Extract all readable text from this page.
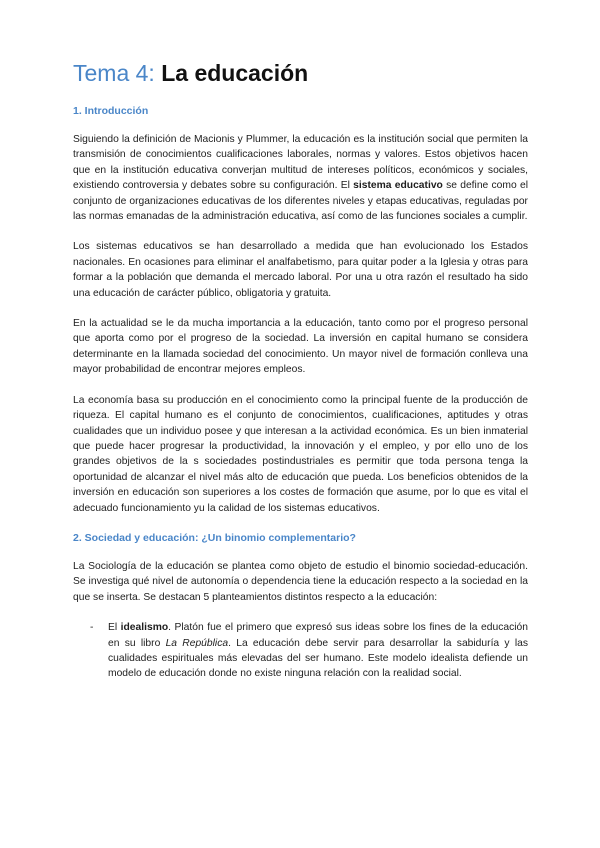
Tema 4: La educación
1. Introducción

Siguiendo la definición de Macionis y Plummer, la educación es la institución social que permiten la transmisión de conocimientos cualificaciones laborales, normas y valores. Estos objetivos hacen que en la institución educativa converjan multitud de intereses políticos, económicos y sociales, existiendo controversia y debates sobre su configuración. El sistema educativo se define como el conjunto de organizaciones educativas de los diferentes niveles y etapas educativas, reguladas por las normas emanadas de la administración educativa, así como de las funciones sociales a cumplir.

Los sistemas educativos se han desarrollado a medida que han evolucionado los Estados nacionales. En ocasiones para eliminar el analfabetismo, para quitar poder a la Iglesia y otras para formar a la población que demanda el mercado laboral. Por una u otra razón el resultado ha sido una educación de carácter público, obligatoria y gratuita.

En la actualidad se le da mucha importancia a la educación, tanto como por el progreso personal que aporta como por el progreso de la sociedad. La inversión en capital humano se considera determinante en la llamada sociedad del conocimiento. Un mayor nivel de formación conlleva una mayor probabilidad de encontrar mejores empleos.

La economía basa su producción en el conocimiento como la principal fuente de la producción de riqueza. El capital humano es el conjunto de conocimientos, cualificaciones, aptitudes y otras cualidades que un individuo posee y que interesan a la actividad económica. Es un bien inmaterial que puede hacer progresar la productividad, la innovación y el empleo, y por ello uno de los grandes objetivos de la s sociedades postindustriales es permitir que toda persona tenga la oportunidad de alcanzar el nivel más alto de educación que pueda. Los beneficios obtenidos de la inversión en educación son superiores a los costes de formación que asume, por lo que es vital el adecuado funcionamiento yu la calidad de los sistemas educativos.

2. Sociedad y educación: ¿Un binomio complementario?

La Sociología de la educación se plantea como objeto de estudio el binomio sociedad-educación. Se investiga qué nivel de autonomía o dependencia tiene la educación respecto a la sociedad en la que se inserta. Se destacan 5 planteamientos distintos respecto a la educación:

- El idealismo. Platón fue el primero que expresó sus ideas sobre los fines de la educación en su libro La República. La educación debe servir para desarrollar la sabiduría y las cualidades espirituales más elevadas del ser humano. Este modelo idealista defiende un modelo de educación donde no existe ninguna relación con la realidad social.
